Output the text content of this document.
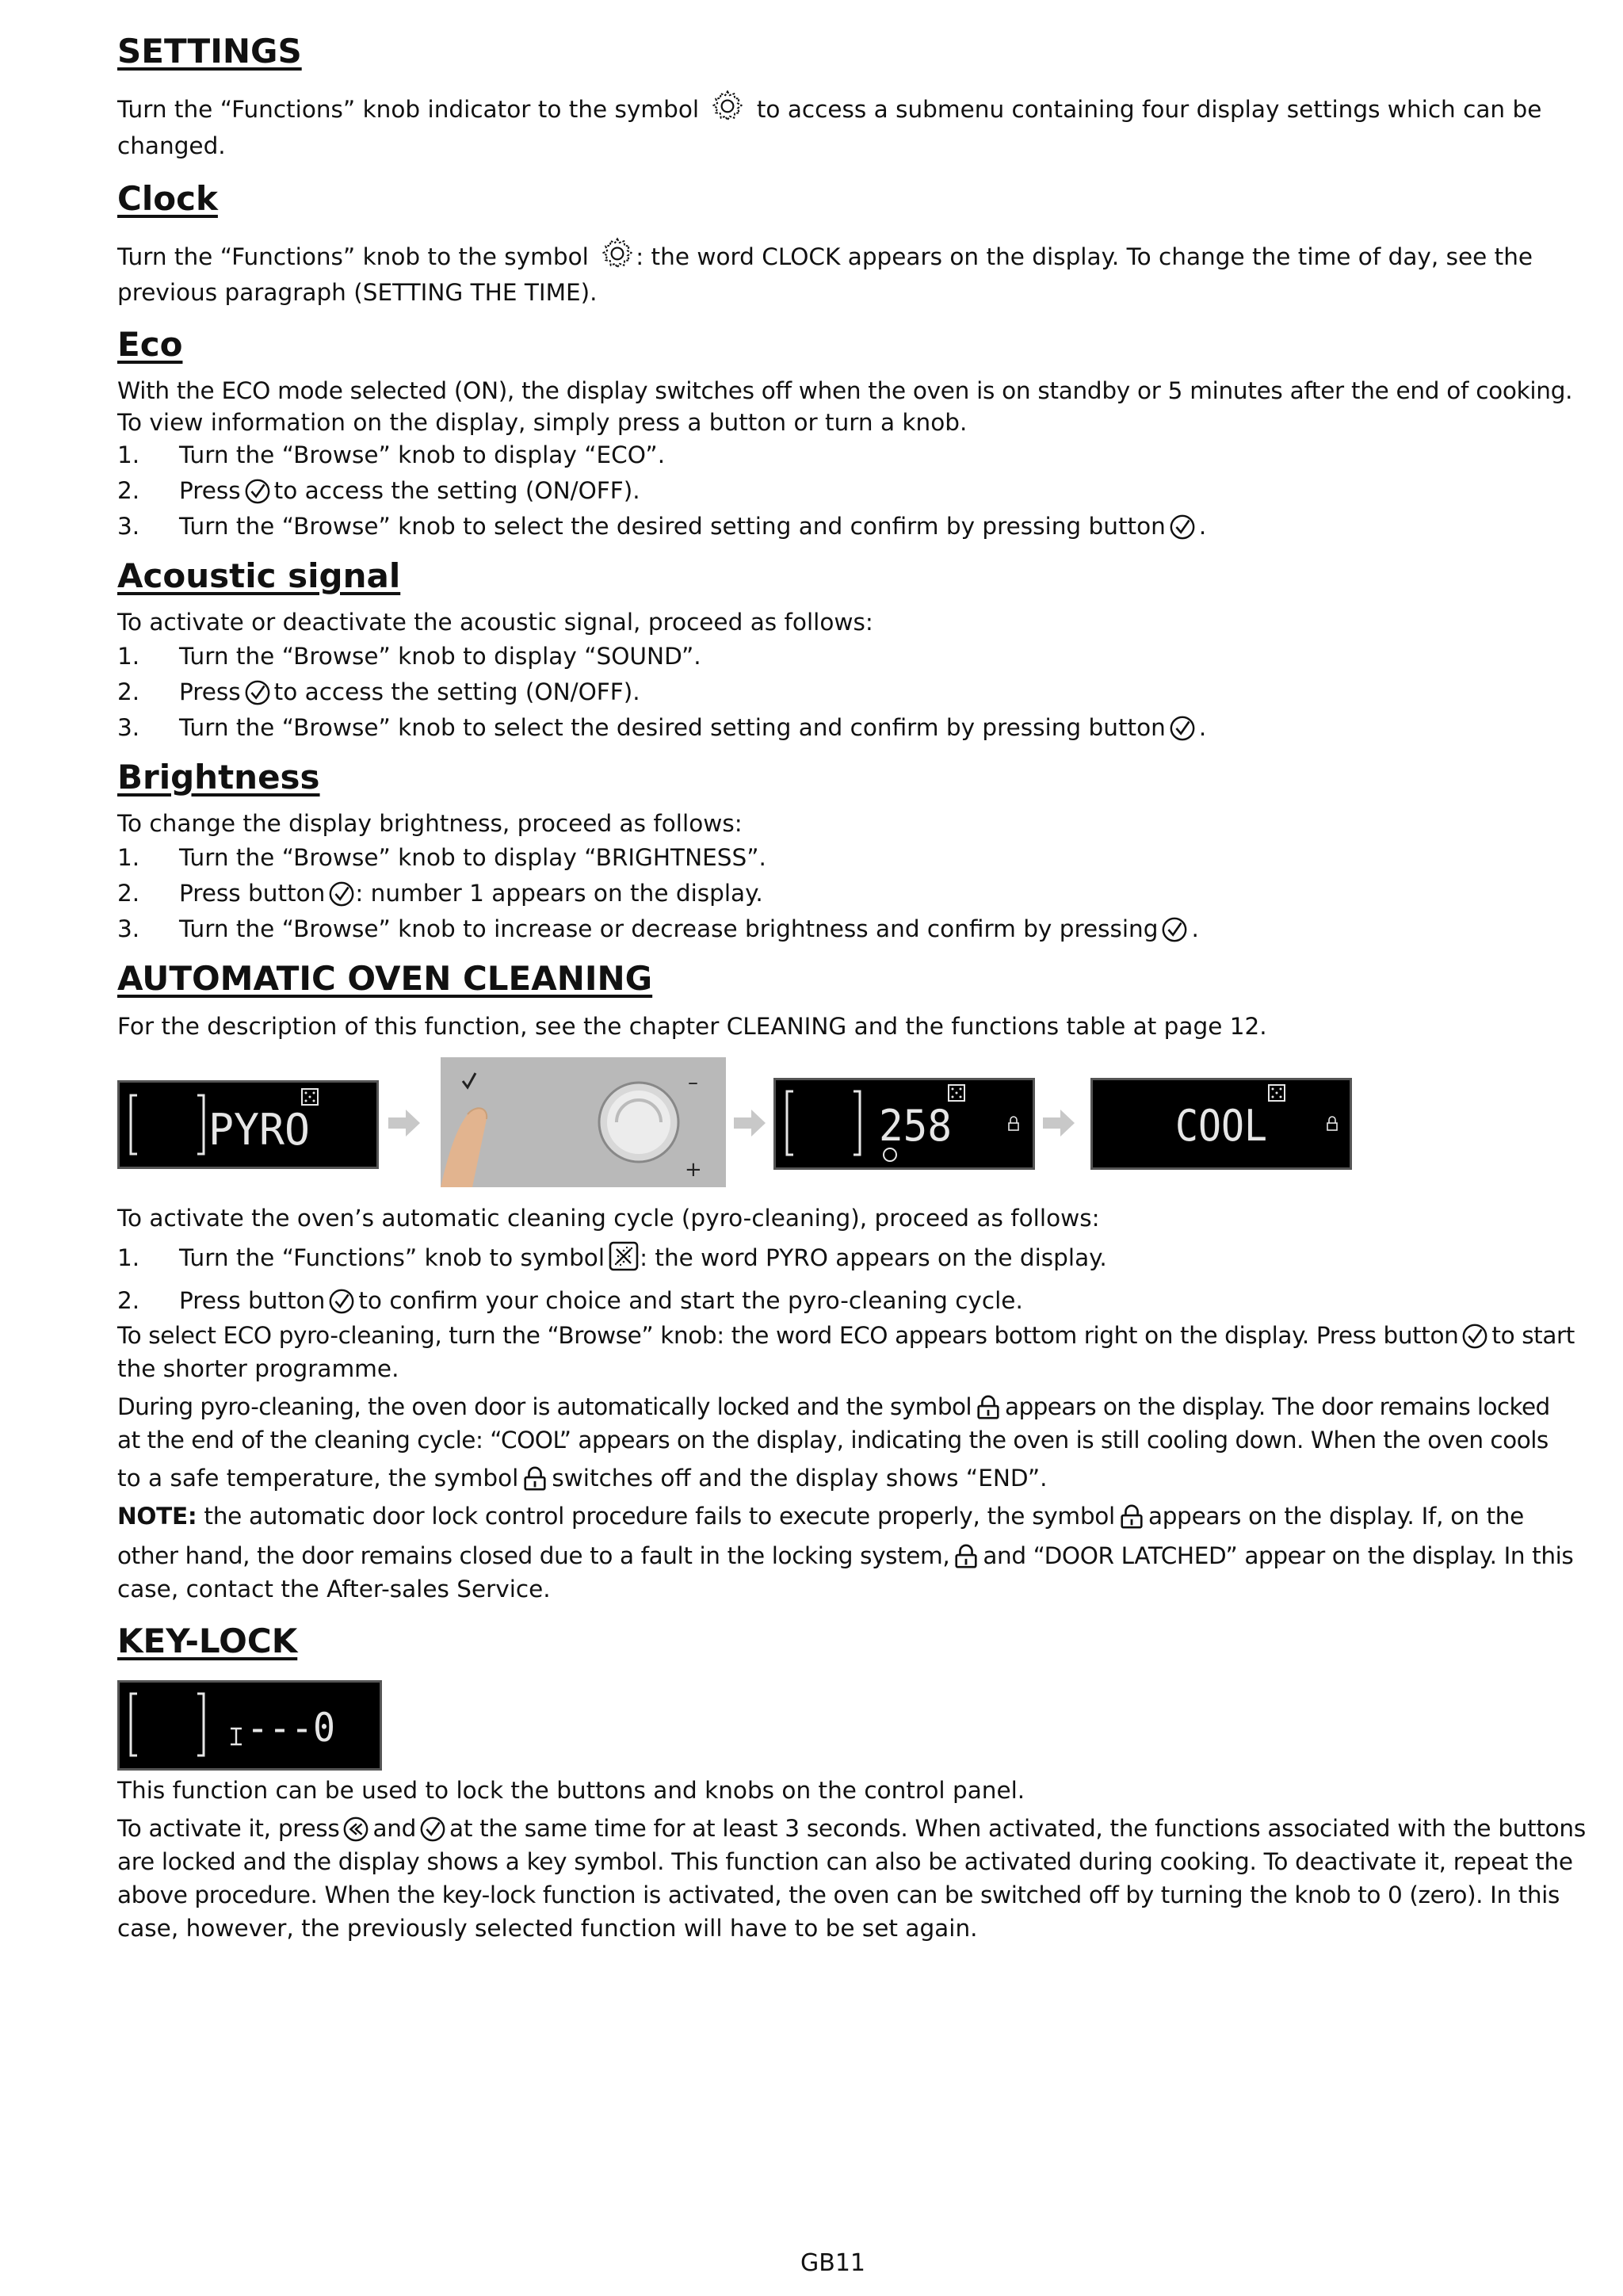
SETTINGS

Turn the “Functions” knob indicator to the symbol to access a submenu containing four display settings which can be

changed.

Clock

Turn the “Functions” knob to the symbol : the word CLOCK appears on the display. To change the time of day, see the

previous paragraph (SETTING THE TIME).

Eco

With the ECO mode selected (ON), the display switches off when the oven is on standby or 5 minutes after the end of cooking.

To view information on the display, simply press a button or turn a knob.

1. Turn the “Browse” knob to display “ECO”.
2. Press to access the setting (ON/OFF).
3. Turn the “Browse” knob to select the desired setting and confirm by pressing button .
Acoustic signal

To activate or deactivate the acoustic signal, proceed as follows:

1. Turn the “Browse” knob to display “SOUND”.
2. Press to access the setting (ON/OFF).
3. Turn the “Browse” knob to select the desired setting and confirm by pressing button .
Brightness

To change the display brightness, proceed as follows:

1. Turn the “Browse” knob to display “BRIGHTNESS”.
2. Press button : number 1 appears on the display.
3. Turn the “Browse” knob to increase or decrease brightness and confirm by pressing .
AUTOMATIC OVEN CLEANING

For the description of this function, see the chapter CLEANING and the functions table at page 12.

PYRO
–
+
258	COOL

To activate the oven’s automatic cleaning cycle (pyro-cleaning), proceed as follows:

1. Turn the “Functions” knob to symbol : the word PYRO appears on the display.
2. Press button to confirm your choice and start the pyro-cleaning cycle.

To select ECO pyro-cleaning, turn the “Browse” knob: the word ECO appears bottom right on the display. Press button to start

the shorter programme.

During pyro-cleaning, the oven door is automatically locked and the symbol appears on the display. The door remains locked

at the end of the cleaning cycle: “COOL” appears on the display, indicating the oven is still cooling down. When the oven cools

to a safe temperature, the symbol switches off and the display shows “END”.

NOTE: the automatic door lock control procedure fails to execute properly, the symbol appears on the display. If, on the

other hand, the door remains closed due to a fault in the locking system, and “DOOR LATCHED” appear on the display. In this

case, contact the After-sales Service.

KEY-LOCK
---0

This function can be used to lock the buttons and knobs on the control panel.

To activate it, press and at the same time for at least 3 seconds. When activated, the functions associated with the buttons

are locked and the display shows a key symbol. This function can also be activated during cooking. To deactivate it, repeat the

above procedure. When the key-lock function is activated, the oven can be switched off by turning the knob to 0 (zero). In this

case, however, the previously selected function will have to be set again.

GB11
